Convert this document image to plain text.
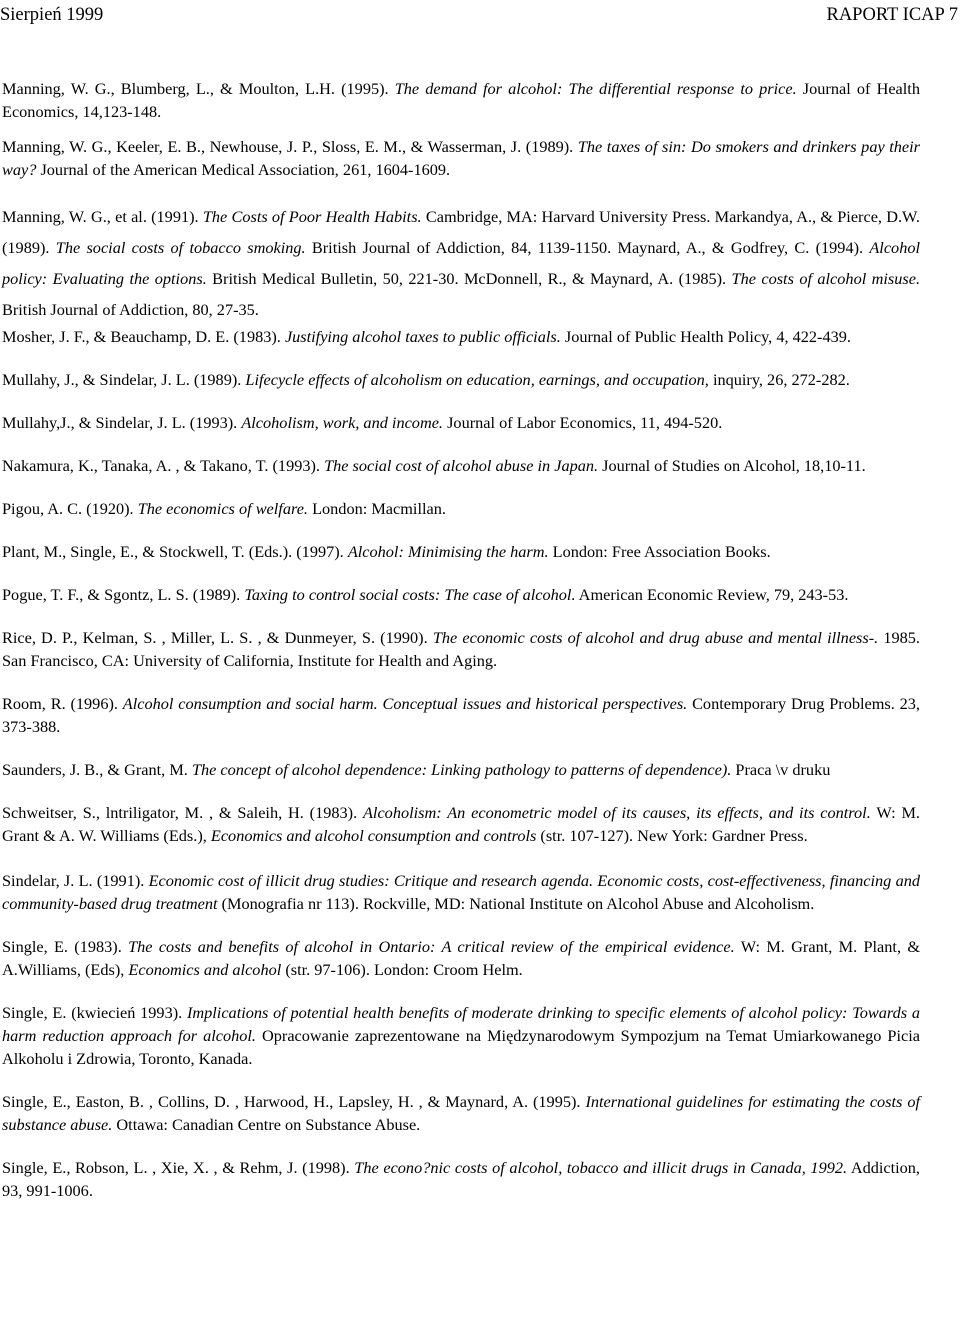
Sierpień 1999	RAPORT ICAP 7

Manning, W. G., Blumberg, L., & Moulton, L.H. (1995). The demand for alcohol: The differential response to price. Journal of Health Economics, 14,123-148.

Manning, W. G., Keeler, E. B., Newhouse, J. P., Sloss, E. M., & Wasserman, J. (1989). The taxes of sin: Do smokers and drinkers pay their way? Journal of the American Medical Association, 261, 1604-1609.

Manning, W. G., et al. (1991). The Costs of Poor Health Habits. Cambridge, MA: Harvard University Press. Markandya, A., & Pierce, D.W. (1989). The social costs of tobacco smoking. British Journal of Addiction, 84, 1139-1150. Maynard, A., & Godfrey, C. (1994). Alcohol policy: Evaluating the options. British Medical Bulletin, 50, 221-30. McDonnell, R., & Maynard, A. (1985). The costs of alcohol misuse. British Journal of Addiction, 80, 27-35.

Mosher, J. F., & Beauchamp, D. E. (1983). Justifying alcohol taxes to public officials. Journal of Public Health Policy, 4, 422-439.

Mullahy, J., & Sindelar, J. L. (1989). Lifecycle effects of alcoholism on education, earnings, and occupation, inquiry, 26, 272-282.

Mullahy,J., & Sindelar, J. L. (1993). Alcoholism, work, and income. Journal of Labor Economics, 11, 494-520.

Nakamura, K., Tanaka, A. , & Takano, T. (1993). The social cost of alcohol abuse in Japan. Journal of Studies on Alcohol, 18,10-11.

Pigou, A. C. (1920). The economics of welfare. London: Macmillan.

Plant, M., Single, E., & Stockwell, T. (Eds.). (1997). Alcohol: Minimising the harm. London: Free Association Books.

Pogue, T. F., & Sgontz, L. S. (1989). Taxing to control social costs: The case of alcohol. American Economic Review, 79, 243-53.

Rice, D. P., Kelman, S. , Miller, L. S. , & Dunmeyer, S. (1990). The economic costs of alcohol and drug abuse and mental illness-. 1985. San Francisco, CA: University of California, Institute for Health and Aging.

Room, R. (1996). Alcohol consumption and social harm. Conceptual issues and historical perspectives. Contemporary Drug Problems. 23, 373-388.

Saunders, J. B., & Grant, M. The concept of alcohol dependence: Linking pathology to patterns of dependence). Praca \v druku

Schweitser, S., lntriligator, M. , & Saleih, H. (1983). Alcoholism: An econometric model of its causes, its effects, and its control. W: M. Grant & A. W. Williams (Eds.), Economics and alcohol consumption and controls (str. 107-127). New York: Gardner Press.

Sindelar, J. L. (1991). Economic cost of illicit drug studies: Critique and research agenda. Economic costs, cost-effectiveness, financing and community-based drug treatment (Monografia nr 113). Rockville, MD: National Institute on Alcohol Abuse and Alcoholism.

Single, E. (1983). The costs and benefits of alcohol in Ontario: A critical review of the empirical evidence. W: M. Grant, M. Plant, & A.Williams, (Eds), Economics and alcohol (str. 97-106). London: Croom Helm.

Single, E. (kwiecień 1993). Implications of potential health benefits of moderate drinking to specific elements of alcohol policy: Towards a harm reduction approach for alcohol. Opracowanie zaprezentowane na Międzynarodowym Sympozjum na Temat Umiarkowanego Picia Alkoholu i Zdrowia, Toronto, Kanada.

Single, E., Easton, B. , Collins, D. , Harwood, H., Lapsley, H. , & Maynard, A. (1995). International guidelines for estimating the costs of substance abuse. Ottawa: Canadian Centre on Substance Abuse.

Single, E., Robson, L. , Xie, X. , & Rehm, J. (1998). The econo?nic costs of alcohol, tobacco and illicit drugs in Canada, 1992. Addiction, 93, 991-1006.
